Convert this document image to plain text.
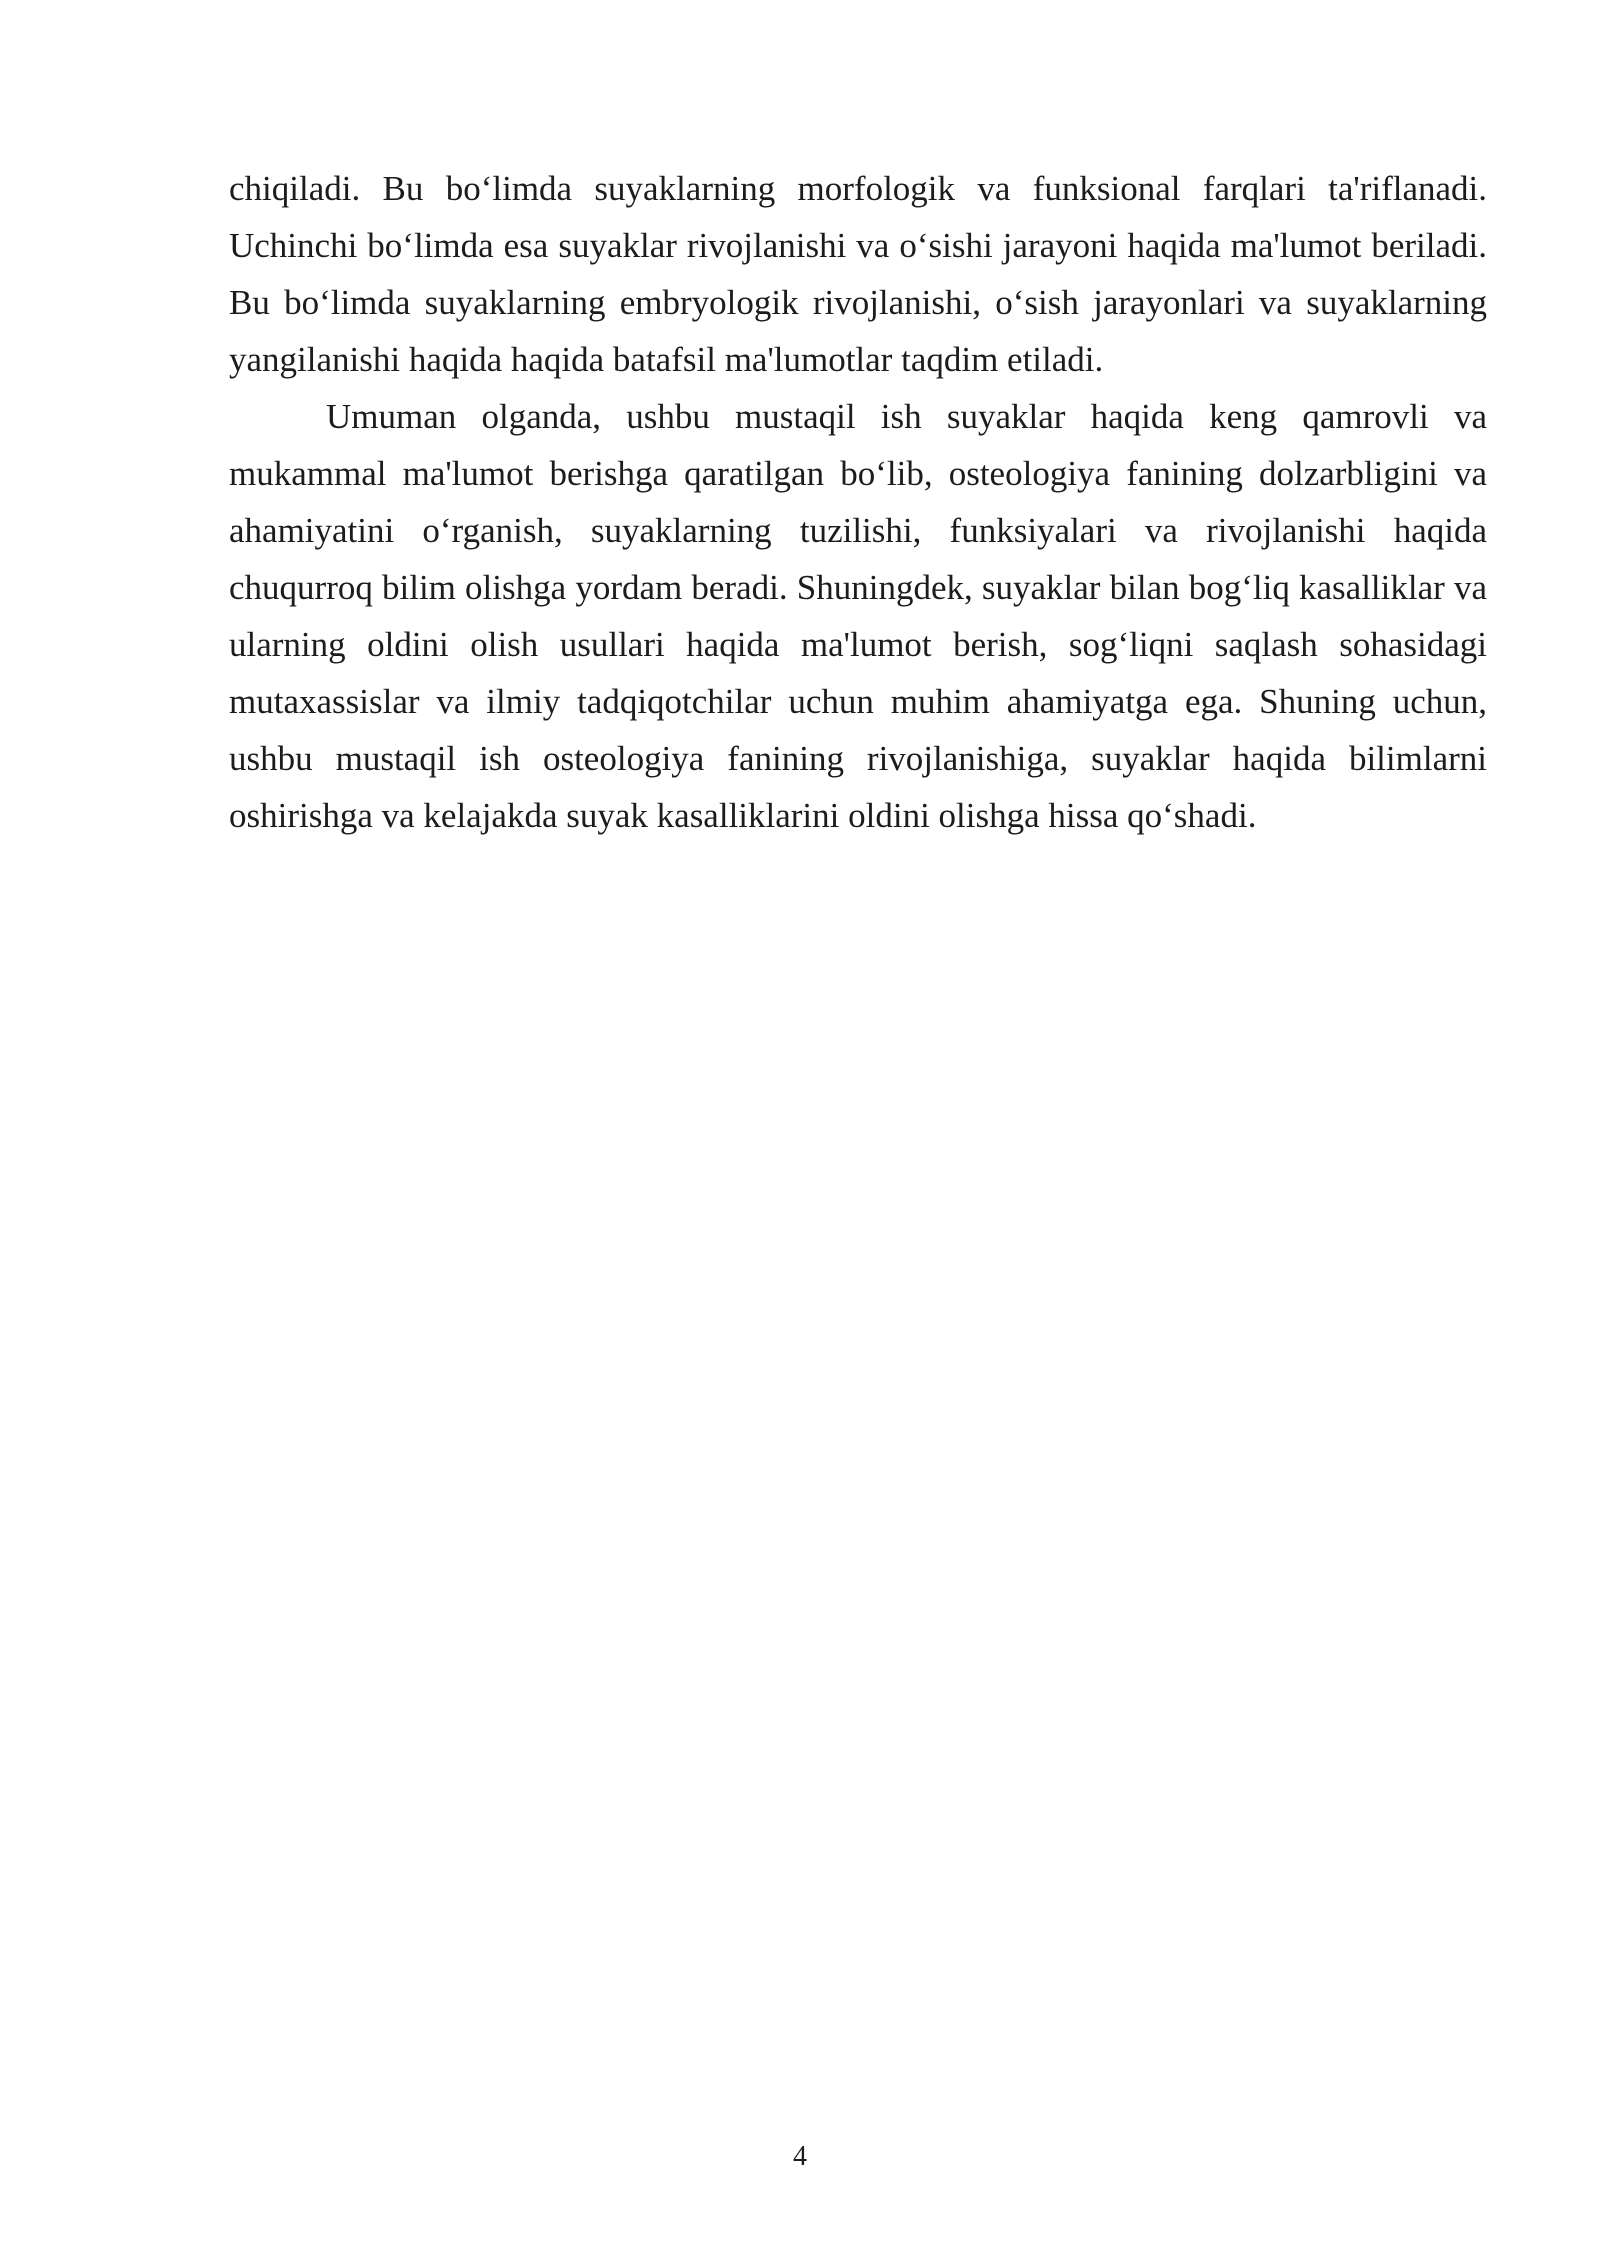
chiqiladi. Bu bo‘limda suyaklarning morfologik va funksional farqlari ta'riflanadi. Uchinchi bo‘limda esa suyaklar rivojlanishi va o‘sishi jarayoni haqida ma'lumot beriladi. Bu bo‘limda suyaklarning embryologik rivojlanishi, o‘sish jarayonlari va suyaklarning yangilanishi haqida haqida batafsil ma'lumotlar taqdim etiladi.

Umuman olganda, ushbu mustaqil ish suyaklar haqida keng qamrovli va mukammal ma'lumot berishga qaratilgan bo‘lib, osteologiya fanining dolzarbligini va ahamiyatini o‘rganish, suyaklarning tuzilishi, funksiyalari va rivojlanishi haqida chuqurroq bilim olishga yordam beradi. Shuningdek, suyaklar bilan bog‘liq kasalliklar va ularning oldini olish usullari haqida ma'lumot berish, sog‘liqni saqlash sohasidagi mutaxassislar va ilmiy tadqiqotchilar uchun muhim ahamiyatga ega. Shuning uchun, ushbu mustaqil ish osteologiya fanining rivojlanishiga, suyaklar haqida bilimlarni oshirishga va kelajakda suyak kasalliklarini oldini olishga hissa qo‘shadi.

4
